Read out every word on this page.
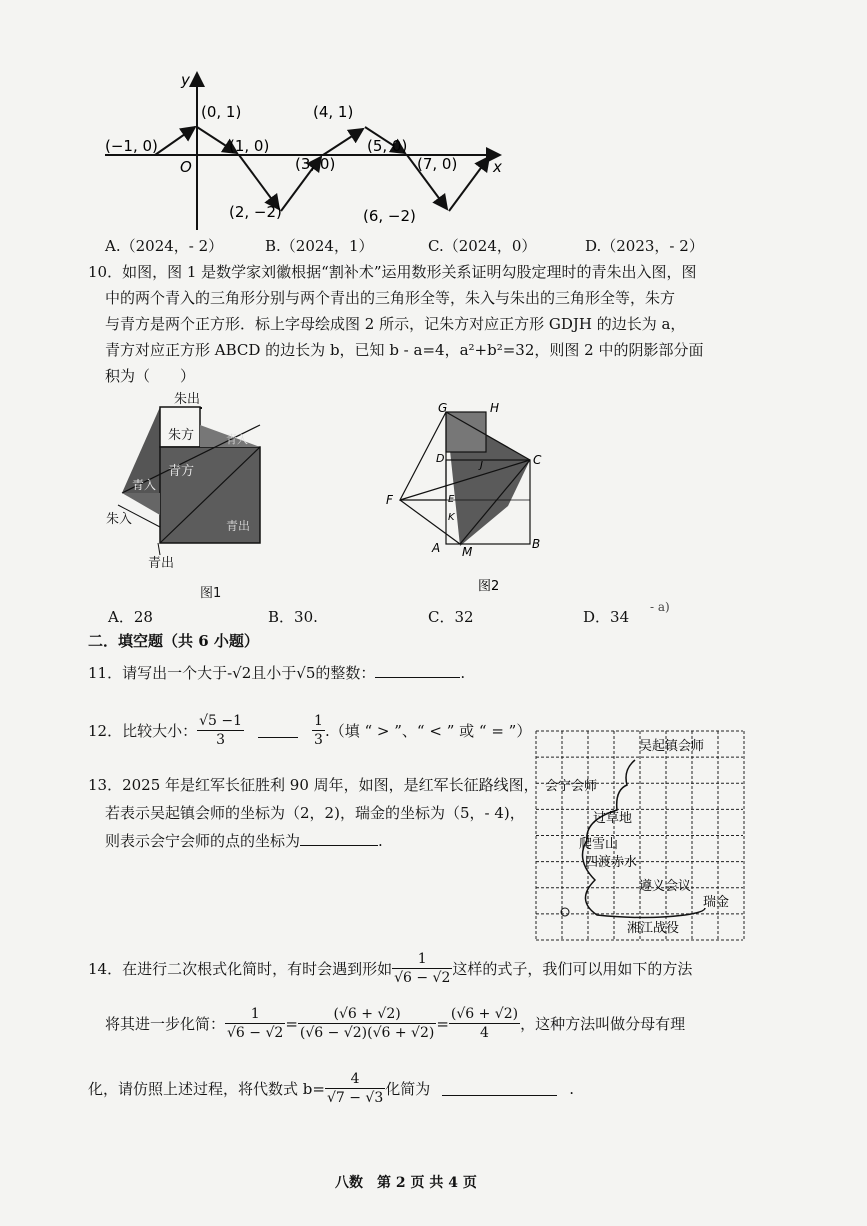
y
x
O
(0, 1)	(4, 1)
(−1, 0)	(1, 0)	(5, 0)
(3, 0)	(7, 0)
(2, −2)	(6, −2)
A.（2024，- 2）	B.（2024，1）	C.（2024，0）	D.（2023，- 2）
10．如图，图 1 是数学家刘徽根据“割补术”运用数形关系证明勾股定理时的青朱出入图，图
中的两个青入的三角形分别与两个青出的三角形全等，朱入与朱出的三角形全等，朱方
与青方是两个正方形．标上字母绘成图 2 所示，记朱方对应正方形 GDJH 的边长为 a，
青方对应正方形 ABCD 的边长为 b，已知 b - a=4，a²+b²=32，则图 2 中的阴影部分面
积为（　　）
朱出
朱方
青入
青方
青出
朱入
青出
青入
图1
G	H
D	C
F	E
K
A M
B
J
图2
A．28	B．30.	C．32	D．34
- a)
二．填空题（共 6 小题）
11．请写出一个大于-√2且小于√5的整数：	.
12．比较大小： $\frac{√5 -1}{3}$	$\frac{1}{3}$ .（填 “ > ”、“ < ” 或 “ = ”）
13．2025 年是红军长征胜利 90 周年，如图，是红军长征路线图，
若表示吴起镇会师的坐标为（2，2)，瑞金的坐标为（5，- 4)，
则表示会宁会师的点的坐标为	.
吴起镇会师
会宁会师
过草地
爬雪山
四渡赤水
遵义会议
瑞金
湘江战役
14．在进行二次根式化简时，有时会遇到形如 $\frac{1}{√6 - √2}$ 这样的式子，我们可以用如下的方法
将其进一步化简： $\frac{1}{√6 - √2} = \frac{(√6 + √2)}{(√6 - √2)(√6 + √2)} = \frac{(√6 + √2)}{4}$ ，这种方法叫做分母有理
化，请仿照上述过程，将代数式 $b= \frac{4}{√7 - √3}$ 化简为	.
八数　第 2 页 共 4 页
